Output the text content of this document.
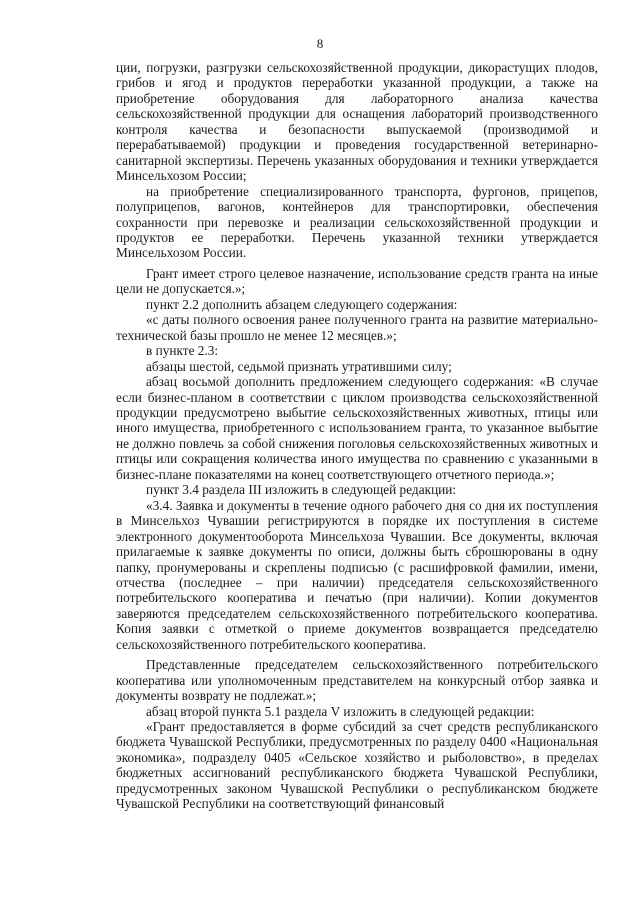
8

ции, погрузки, разгрузки сельскохозяйственной продукции, дикорастущих плодов, грибов и ягод и продуктов переработки указанной продукции, а также на приобретение оборудования для лабораторного анализа качества сельскохозяйственной продукции для оснащения лабораторий производственного контроля качества и безопасности выпускаемой (производимой и перерабатываемой) продукции и проведения государственной ветеринарно-санитарной экспертизы. Перечень указанных оборудования и техники утверждается Минсельхозом России;

на приобретение специализированного транспорта, фургонов, прицепов, полуприцепов, вагонов, контейнеров для транспортировки, обеспечения сохранности при перевозке и реализации сельскохозяйственной продукции и продуктов ее переработки. Перечень указанной техники утверждается Минсельхозом России.

Грант имеет строго целевое назначение, использование средств гранта на иные цели не допускается.»;

пункт 2.2 дополнить абзацем следующего содержания:

«с даты полного освоения ранее полученного гранта на развитие материально-технической базы прошло не менее 12 месяцев.»;

в пункте 2.3:

абзацы шестой, седьмой признать утратившими силу;

абзац восьмой дополнить предложением следующего содержания: «В случае если бизнес-планом в соответствии с циклом производства сельскохозяйственной продукции предусмотрено выбытие сельскохозяйственных животных, птицы или иного имущества, приобретенного с использованием гранта, то указанное выбытие не должно повлечь за собой снижения поголовья сельскохозяйственных животных и птицы или сокращения количества иного имущества по сравнению с указанными в бизнес-плане показателями на конец соответствующего отчетного периода.»;

пункт 3.4 раздела III изложить в следующей редакции:

«3.4. Заявка и документы в течение одного рабочего дня со дня их поступления в Минсельхоз Чувашии регистрируются в порядке их поступления в системе электронного документооборота Минсельхоза Чувашии. Все документы, включая прилагаемые к заявке документы по описи, должны быть сброшюрованы в одну папку, пронумерованы и скреплены подписью (с расшифровкой фамилии, имени, отчества (последнее – при наличии) председателя сельскохозяйственного потребительского кооператива и печатью (при наличии). Копии документов заверяются председателем сельскохозяйственного потребительского кооператива. Копия заявки с отметкой о приеме документов возвращается председателю сельскохозяйственного потребительского кооператива.

Представленные председателем сельскохозяйственного потребительского кооператива или уполномоченным представителем на конкурсный отбор заявка и документы возврату не подлежат.»;

абзац второй пункта 5.1 раздела V изложить в следующей редакции:

«Грант предоставляется в форме субсидий за счет средств республиканского бюджета Чувашской Республики, предусмотренных по разделу 0400 «Национальная экономика», подразделу 0405 «Сельское хозяйство и рыболовство», в пределах бюджетных ассигнований республиканского бюджета Чувашской Республики, предусмотренных законом Чувашской Республики о республиканском бюджете Чувашской Республики на соответствующий финансовый
